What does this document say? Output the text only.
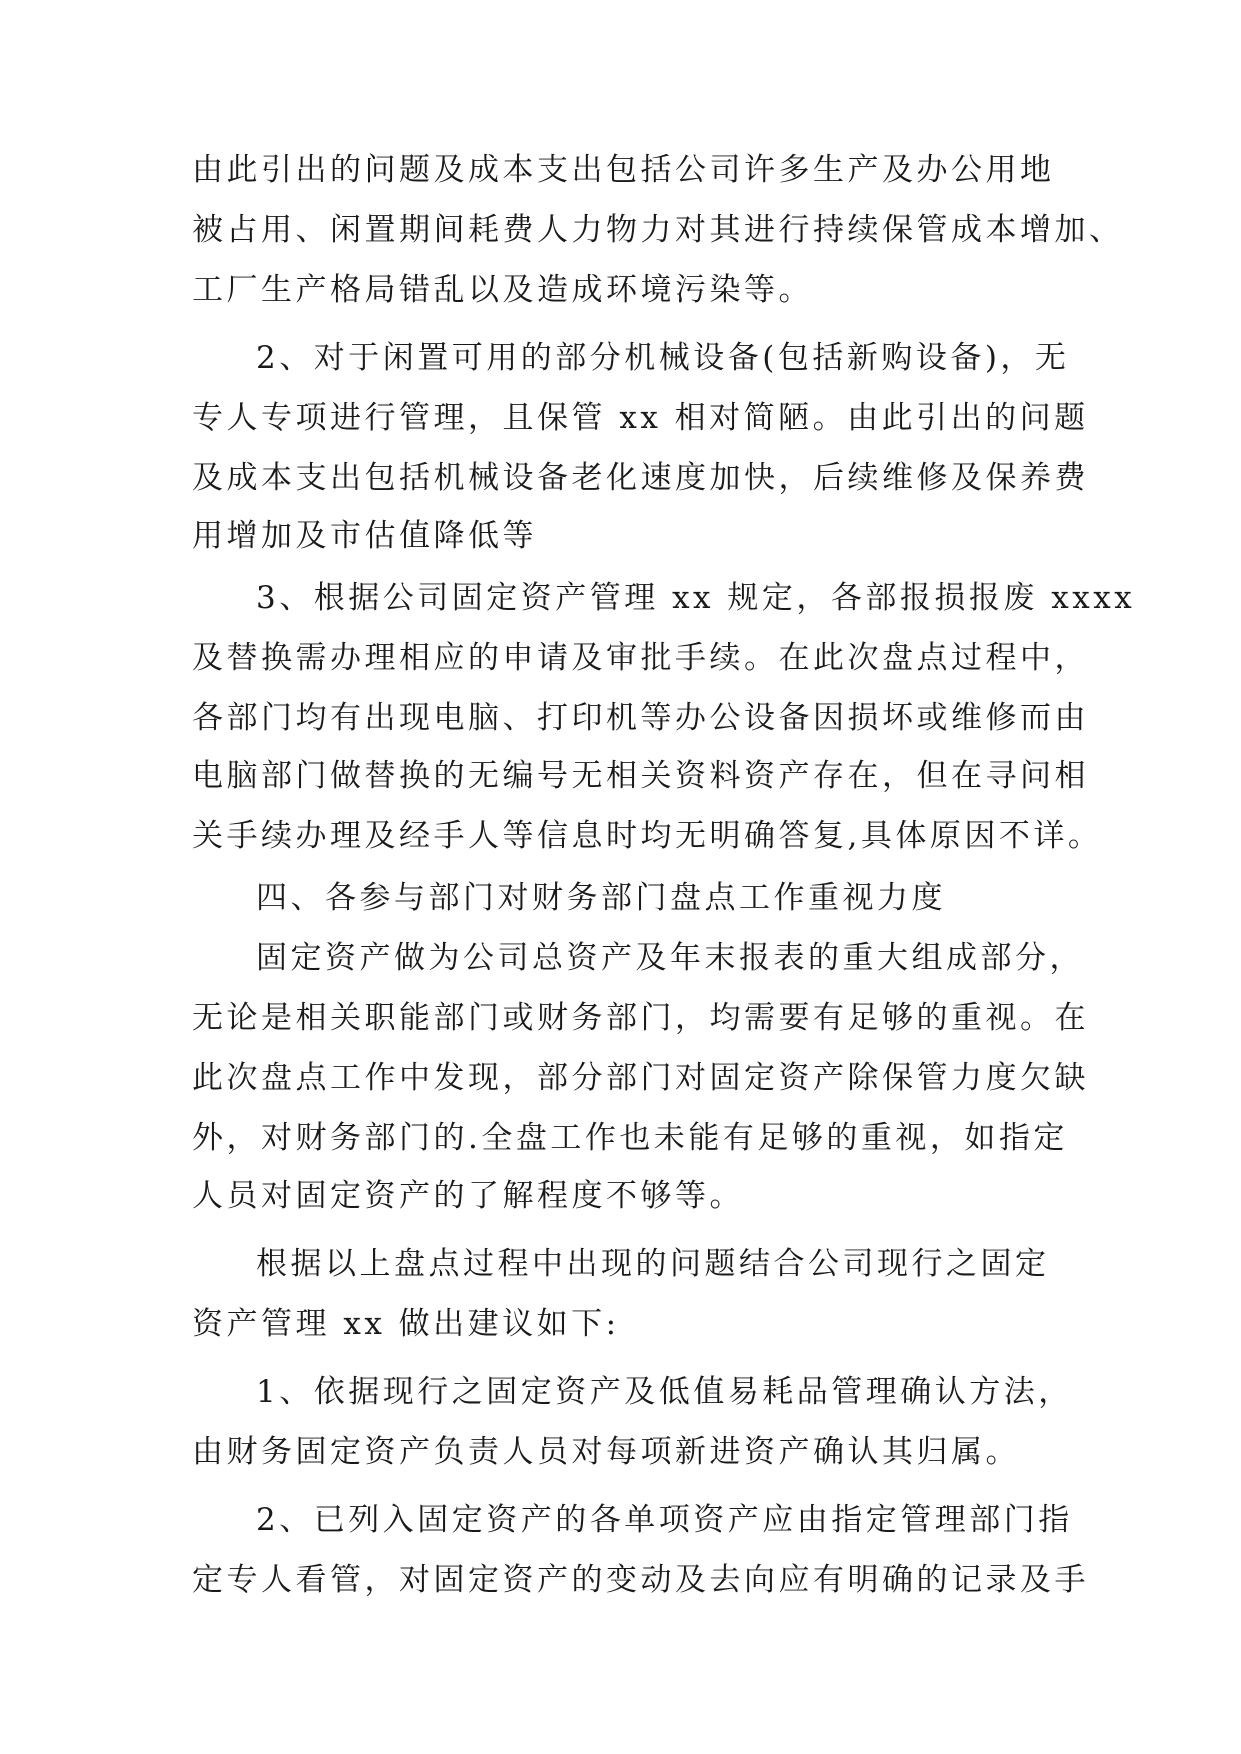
由此引出的问题及成本支出包括公司许多生产及办公用地
被占用、闲置期间耗费人力物力对其进行持续保管成本增加、
工厂生产格局错乱以及造成环境污染等。
2、对于闲置可用的部分机械设备(包括新购设备)，无
专人专项进行管理，且保管 xx 相对简陋。由此引出的问题
及成本支出包括机械设备老化速度加快，后续维修及保养费
用增加及市估值降低等
3、根据公司固定资产管理 xx 规定，各部报损报废 xxxx
及替换需办理相应的申请及审批手续。在此次盘点过程中，
各部门均有出现电脑、打印机等办公设备因损坏或维修而由
电脑部门做替换的无编号无相关资料资产存在，但在寻问相
关手续办理及经手人等信息时均无明确答复,具体原因不详。
四、各参与部门对财务部门盘点工作重视力度
固定资产做为公司总资产及年末报表的重大组成部分，
无论是相关职能部门或财务部门，均需要有足够的重视。在
此次盘点工作中发现，部分部门对固定资产除保管力度欠缺
外，对财务部门的.全盘工作也未能有足够的重视，如指定
人员对固定资产的了解程度不够等。
根据以上盘点过程中出现的问题结合公司现行之固定
资产管理 xx 做出建议如下:
1、依据现行之固定资产及低值易耗品管理确认方法，
由财务固定资产负责人员对每项新进资产确认其归属。
2、已列入固定资产的各单项资产应由指定管理部门指
定专人看管，对固定资产的变动及去向应有明确的记录及手
